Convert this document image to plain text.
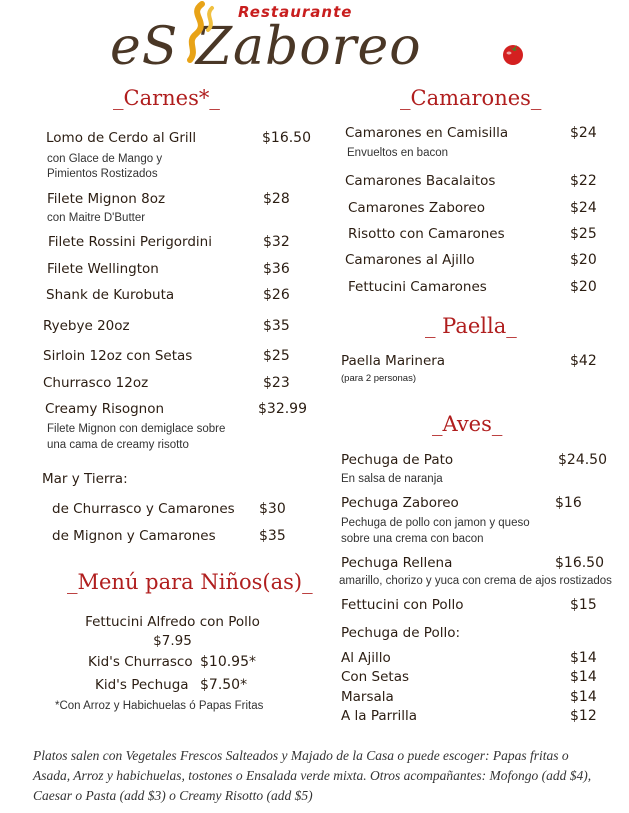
Restaurante
eS Zaboreo
_Carnes*_
Lomo de Cerdo al Grill	$16.50
con Glace de Mango y
Pimientos Rostizados
Filete Mignon 8oz	$28
con Maitre D'Butter
Filete Rossini Perigordini	$32
Filete Wellington	$36
Shank de Kurobuta	$26
Ryebye 20oz	$35
Sirloin 12oz con Setas	$25
Churrasco 12oz	$23
Creamy Risognon	$32.99
Filete Mignon con demiglace sobre
una cama de creamy risotto
Mar y Tierra:
de Churrasco y Camarones $30
de Mignon y Camarones	$35
_Menú para Niños(as)_
Fettucini Alfredo con Pollo
$7.95
Kid's Churrasco $10.95*
Kid's Pechuga $7.50*
*Con Arroz y Habichuelas ó Papas Fritas
_Camarones_
Camarones en Camisilla	$24
Envueltos en bacon
Camarones Bacalaitos	$22
Camarones Zaboreo	$24
Risotto con Camarones	$25
Camarones al Ajillo	$20
Fettucini Camarones	$20
_ Paella_
Paella Marinera	$42
(para 2 personas)
_Aves_
Pechuga de Pato	$24.50
En salsa de naranja
Pechuga Zaboreo	$16
Pechuga de pollo con jamon y queso
sobre una crema con bacon
Pechuga Rellena	$16.50
amarillo, chorizo y yuca con crema de ajos rostizados
Fettucini con Pollo	$15
Pechuga de Pollo:
Al Ajillo	$14
Con Setas	$14
Marsala	$14
A la Parrilla	$12
Platos salen con Vegetales Frescos Salteados y Majado de la Casa o puede escoger: Papas fritas o Asada, Arroz y habichuelas, tostones o Ensalada verde mixta. Otros acompañantes: Mofongo (add $4), Caesar o Pasta (add $3) o Creamy Risotto (add $5)
